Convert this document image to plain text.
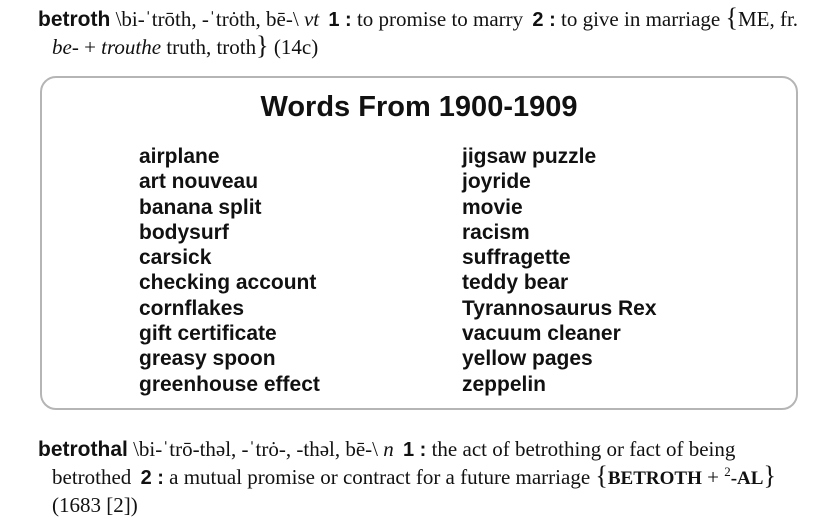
betroth \bi-ˈtrōth, -ˈtrȯth, bē-\ vt 1 : to promise to marry 2 : to give in marriage {ME, fr. be- + trouthe truth, troth} (14c)
Words From 1900-1909
airplane
art nouveau
banana split
bodysurf
carsick
checking account
cornflakes
gift certificate
greasy spoon
greenhouse effect
jigsaw puzzle
joyride
movie
racism
suffragette
teddy bear
Tyrannosaurus Rex
vacuum cleaner
yellow pages
zeppelin
betrothal \bi-ˈtrō-thəl, -ˈtrȯ-, -thəl, bē-\ n 1 : the act of betrothing or fact of being betrothed 2 : a mutual promise or contract for a future marriage {BETROTH + $^2$-AL} (1683 [2])
